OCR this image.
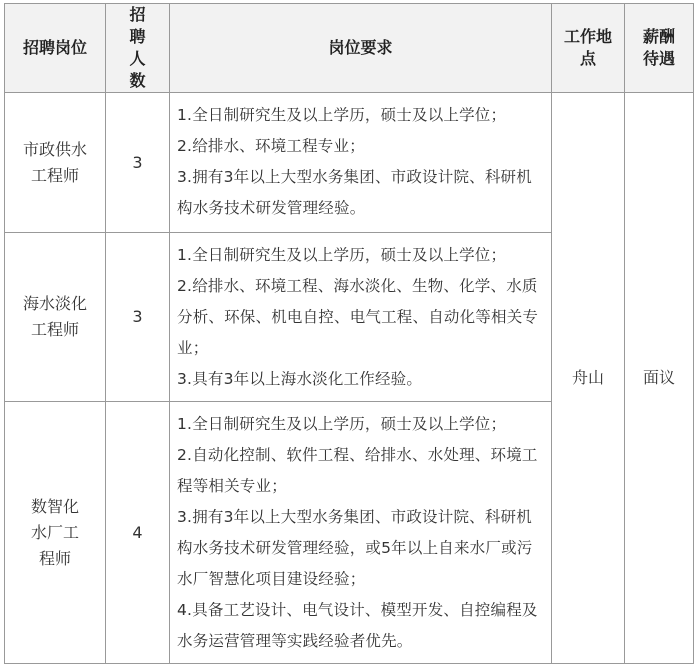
招聘岗位	招聘人数	岗位要求	工作地点	薪酬待遇
市政供水工程师	3	1.全日制研究生及以上学历，硕士及以上学位；

2.给排水、环境工程专业；

3.拥有3年以上大型水务集团、市政设计院、科研机构水务技术研发管理经验。	舟山	面议
海水淡化工程师	3	1.全日制研究生及以上学历，硕士及以上学位；

2.给排水、环境工程、海水淡化、生物、化学、水质分析、环保、机电自控、电气工程、自动化等相关专业；

3.具有3年以上海水淡化工作经验。		

数智化水厂工程师	4	1.全日制研究生及以上学历，硕士及以上学位；

2.自动化控制、软件工程、给排水、水处理、环境工程等相关专业；

3.拥有3年以上大型水务集团、市政设计院、科研机构水务技术研发管理经验，或5年以上自来水厂或污水厂智慧化项目建设经验；

4.具备工艺设计、电气设计、模型开发、自控编程及水务运营管理等实践经验者优先。		
